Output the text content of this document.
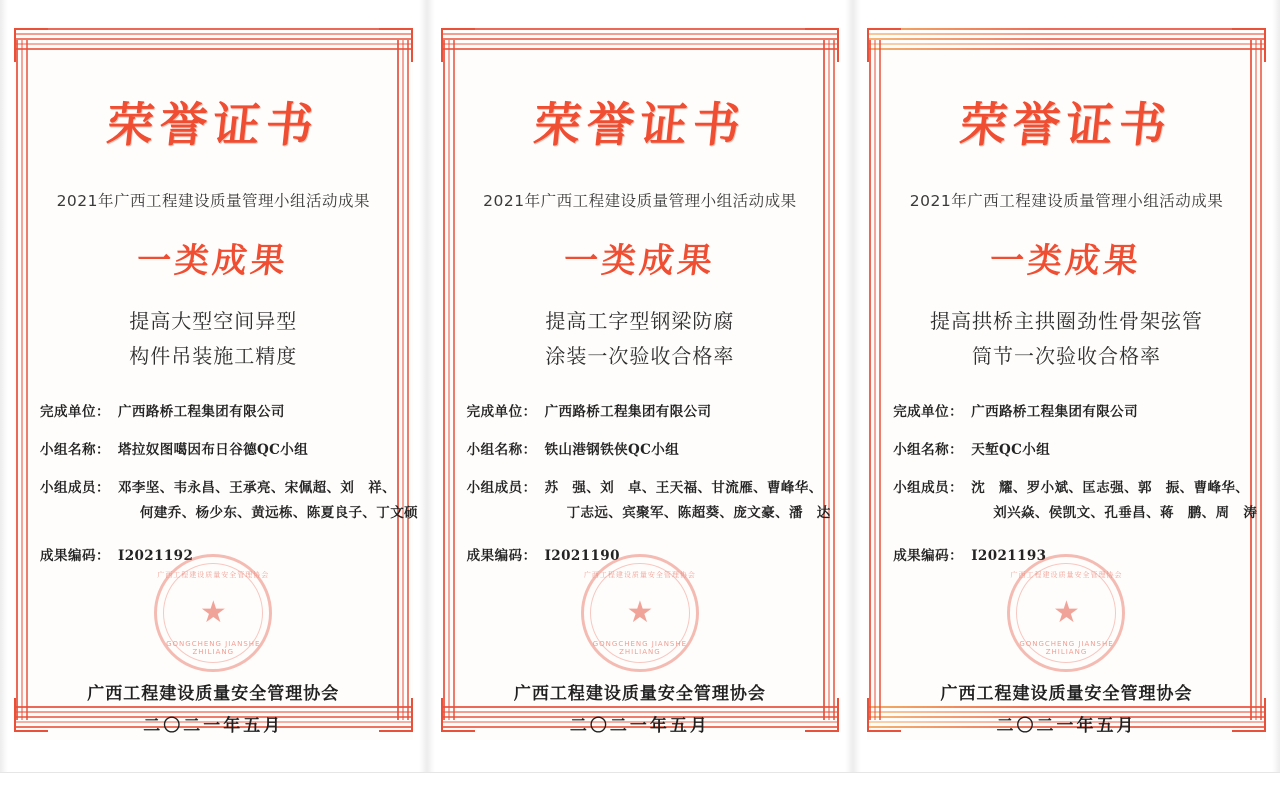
荣誉证书
2021年广西工程建设质量管理小组活动成果
一类成果
提高大型空间异型
构件吊装施工精度
完成单位： 广西路桥工程集团有限公司
小组名称： 塔拉奴图噶因布日谷德QC小组
小组成员： 邓李坚、韦永昌、王承亮、宋佩超、刘　祥、
何建乔、杨少东、黄远栋、陈夏良子、丁文硕
成果编码： Ⅰ2021192
广西工程建设质量安全管理协会
★
GONGCHENG JIANSHE ZHILIANG
广西工程建设质量安全管理协会
二〇二一年五月
荣誉证书
2021年广西工程建设质量管理小组活动成果
一类成果
提高工字型钢梁防腐
涂装一次验收合格率
完成单位： 广西路桥工程集团有限公司
小组名称： 铁山港钢铁侠QC小组
小组成员： 苏　强、刘　卓、王天福、甘流雁、曹峰华、
丁志远、宾聚军、陈超葵、庞文豪、潘　达
成果编码： Ⅰ2021190
广西工程建设质量安全管理协会
★
GONGCHENG JIANSHE ZHILIANG
广西工程建设质量安全管理协会
二〇二一年五月
荣誉证书
2021年广西工程建设质量管理小组活动成果
一类成果
提高拱桥主拱圈劲性骨架弦管
筒节一次验收合格率
完成单位： 广西路桥工程集团有限公司
小组名称： 天堑QC小组
小组成员： 沈　耀、罗小斌、匡志强、郭　振、曹峰华、
刘兴焱、侯凯文、孔垂昌、蒋　鹏、周　涛
成果编码： Ⅰ2021193
广西工程建设质量安全管理协会
★
GONGCHENG JIANSHE ZHILIANG
广西工程建设质量安全管理协会
二〇二一年五月
